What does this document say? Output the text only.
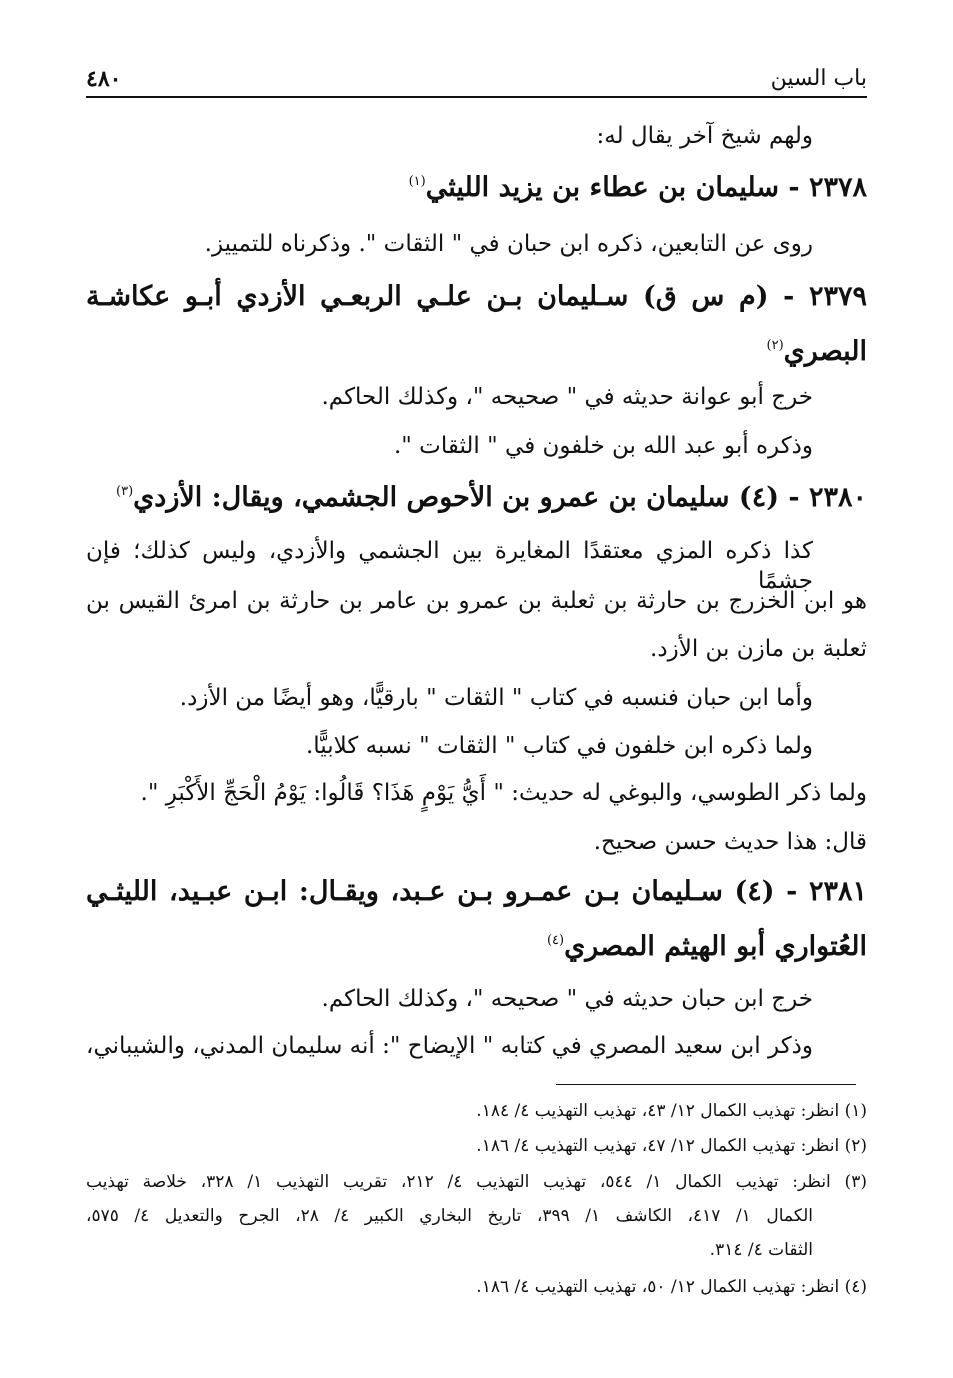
باب السين
٤٨٠
ولهم شيخ آخر يقال له:
٢٣٧٨ - سليمان بن عطاء بن يزيد الليثي$^{(١)}$
روى عن التابعين، ذكره ابن حبان في " الثقات ". وذكرناه للتمييز.
٢٣٧٩ - (م س ق) سـليمان بـن علـي الربعـي الأزدي أبـو عكاشـة
البصري$^{(٢)}$
خرج أبو عوانة حديثه في " صحيحه "، وكذلك الحاكم.
وذكره أبو عبد الله بن خلفون في " الثقات ".
٢٣٨٠ - (٤) سليمان بن عمرو بن الأحوص الجشمي، ويقال: الأزدي$^{(٣)}$
كذا ذكره المزي معتقدًا المغايرة بين الجشمي والأزدي، وليس كذلك؛ فإن جشمًا
هو ابن الخزرج بن حارثة بن ثعلبة بن عمرو بن عامر بن حارثة بن امرئ القيس بن
ثعلبة بن مازن بن الأزد.
وأما ابن حبان فنسبه في كتاب " الثقات " بارقيًّا، وهو أيضًا من الأزد.
ولما ذكره ابن خلفون في كتاب " الثقات " نسبه كلابيًّا.
ولما ذكر الطوسي، والبوغي له حديث: " أَيُّ يَوْمٍ هَذَا؟ قَالُوا: يَوْمُ الْحَجِّ الأَكْبَرِ ".
قال: هذا حديث حسن صحيح.
٢٣٨١ - (٤) سـليمان بـن عمـرو بـن عـبد، ويقـال: ابـن عبـيد، الليثـي
العُتواري أبو الهيثم المصري$^{(٤)}$
خرج ابن حبان حديثه في " صحيحه "، وكذلك الحاكم.
وذكر ابن سعيد المصري في كتابه " الإيضاح ": أنه سليمان المدني، والشيباني،
(١) انظر: تهذيب الكمال ١٢/ ٤٣، تهذيب التهذيب ٤/ ١٨٤.
(٢) انظر: تهذيب الكمال ١٢/ ٤٧، تهذيب التهذيب ٤/ ١٨٦.
(٣) انظر: تهذيب الكمال ١/ ٥٤٤، تهذيب التهذيب ٤/ ٢١٢، تقريب التهذيب ١/ ٣٢٨، خلاصة تهذيب
الكمال ١/ ٤١٧، الكاشف ١/ ٣٩٩، تاريخ البخاري الكبير ٤/ ٢٨، الجرح والتعديل ٤/ ٥٧٥،
الثقات ٤/ ٣١٤.
(٤) انظر: تهذيب الكمال ١٢/ ٥٠، تهذيب التهذيب ٤/ ١٨٦.
